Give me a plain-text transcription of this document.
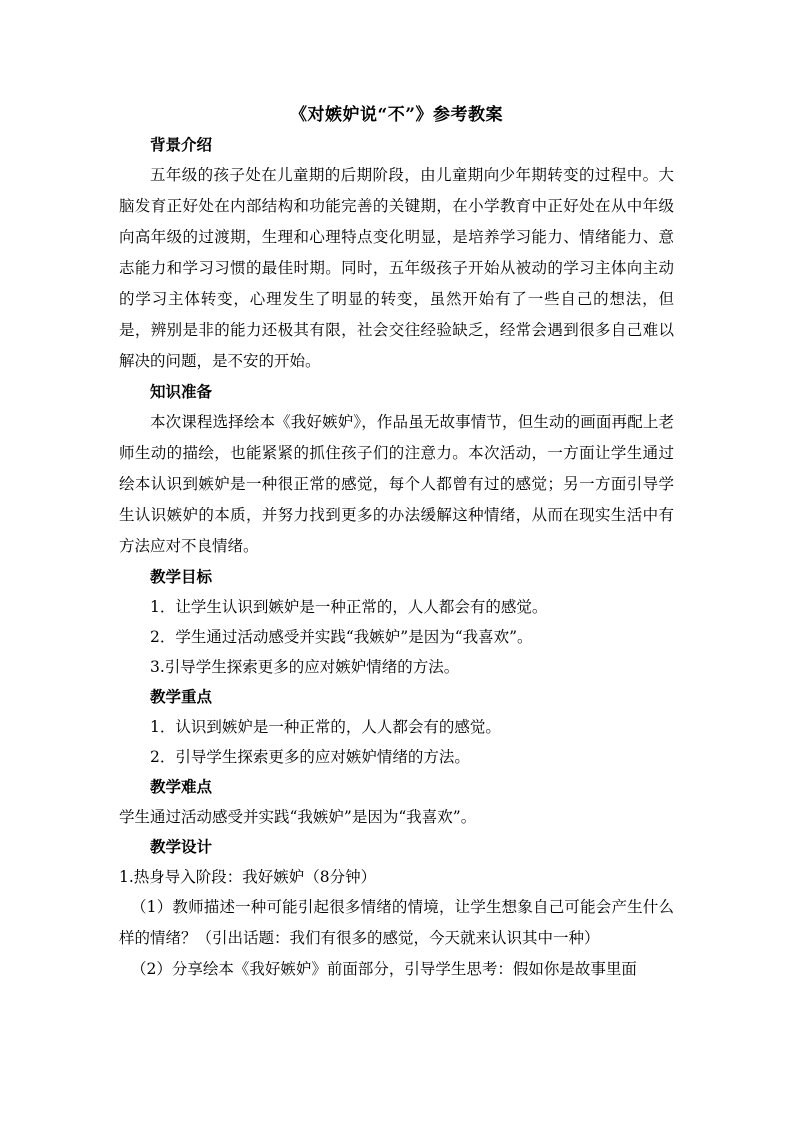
《对嫉妒说“不”》参考教案

背景介绍

五年级的孩子处在儿童期的后期阶段，由儿童期向少年期转变的过程中。大脑发育正好处在内部结构和功能完善的关键期，在小学教育中正好处在从中年级向高年级的过渡期，生理和心理特点变化明显，是培养学习能力、情绪能力、意志能力和学习习惯的最佳时期。同时，五年级孩子开始从被动的学习主体向主动的学习主体转变，心理发生了明显的转变，虽然开始有了一些自己的想法，但是，辨别是非的能力还极其有限，社会交往经验缺乏，经常会遇到很多自己难以解决的问题，是不安的开始。

知识准备

本次课程选择绘本《我好嫉妒》，作品虽无故事情节，但生动的画面再配上老师生动的描绘，也能紧紧的抓住孩子们的注意力。本次活动，一方面让学生通过绘本认识到嫉妒是一种很正常的感觉，每个人都曾有过的感觉；另一方面引导学生认识嫉妒的本质，并努力找到更多的办法缓解这种情绪，从而在现实生活中有方法应对不良情绪。

教学目标

1．让学生认识到嫉妒是一种正常的，人人都会有的感觉。

2．学生通过活动感受并实践“我嫉妒”是因为“我喜欢”。

3.引导学生探索更多的应对嫉妒情绪的方法。

教学重点

1．认识到嫉妒是一种正常的，人人都会有的感觉。

2．引导学生探索更多的应对嫉妒情绪的方法。

教学难点

学生通过活动感受并实践“我嫉妒”是因为“我喜欢”。

教学设计

1.热身导入阶段：我好嫉妒（8分钟）

（1）教师描述一种可能引起很多情绪的情境，让学生想象自己可能会产生什么样的情绪？（引出话题：我们有很多的感觉，今天就来认识其中一种）

（2）分享绘本《我好嫉妒》前面部分，引导学生思考：假如你是故事里面
